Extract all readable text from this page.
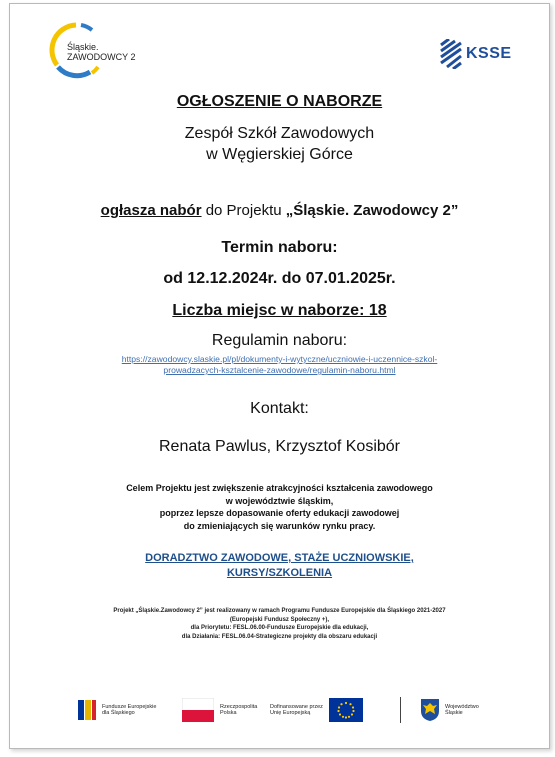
Śląskie.
ZAWODOWCY 2	KSSE
OGŁOSZENIE O NABORZE
Zespół Szkół Zawodowych
w Węgierskiej Górce
ogłasza nabór do Projektu „Śląskie. Zawodowcy 2”
Termin naboru:
od 12.12.2024r. do 07.01.2025r.
Liczba miejsc w naborze: 18
Regulamin naboru:
https://zawodowcy.slaskie.pl/pl/dokumenty-i-wytyczne/uczniowie-i-uczennice-szkol-
prowadzacych-ksztalcenie-zawodowe/regulamin-naboru.html
Kontakt:
Renata Pawlus, Krzysztof Kosibór
Celem Projektu jest zwiększenie atrakcyjności kształcenia zawodowego
w województwie śląskim,
poprzez lepsze dopasowanie oferty edukacji zawodowej
do zmieniających się warunków rynku pracy.
DORADZTWO ZAWODOWE, STAŻE UCZNIOWSKIE,
KURSY/SZKOLENIA
Projekt „Śląskie.Zawodowcy 2” jest realizowany w ramach Programu Fundusze Europejskie dla Śląskiego 2021-2027
(Europejski Fundusz Społeczny +),
dla Priorytetu: FESL.06.00-Fundusze Europejskie dla edukacji,
dla Działania: FESL.06.04-Strategiczne projekty dla obszaru edukacji
Fundusze Europejskie
dla Śląskiego
Rzeczpospolita
Polska
Dofinansowane przez
Unię Europejską
Województwo
Śląskie
